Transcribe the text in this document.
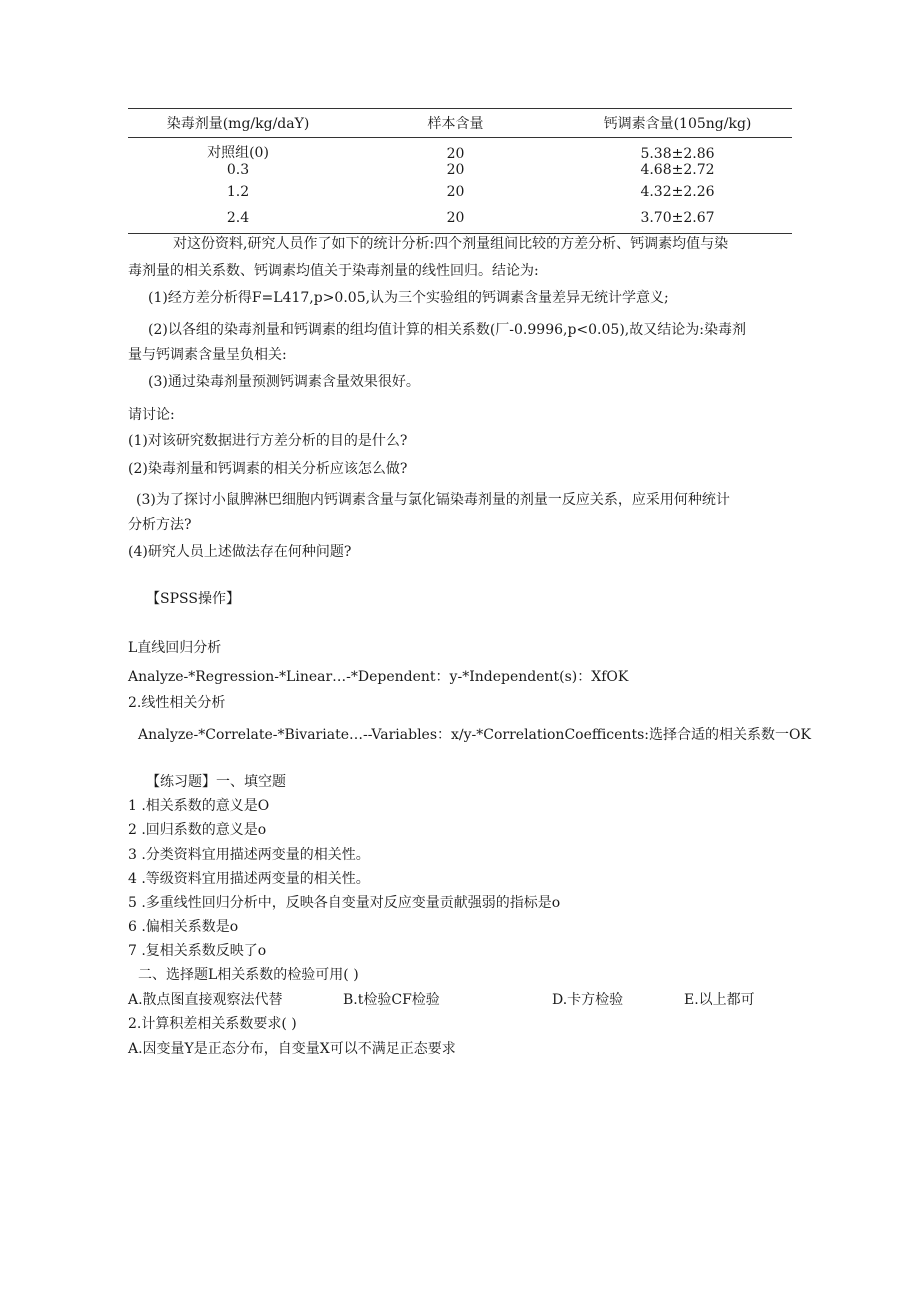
染毒剂量(mg/kg/daY)	样本含量	钙调素含量(105ng/kg)
对照组(0)	20	5.38±2.86
0.3	20	4.68±2.72
1.2	20	4.32±2.26
2.4	20	3.70±2.67
对这份资料,研究人员作了如下的统计分析:四个剂量组间比较的方差分析、钙调素均值与染
毒剂量的相关系数、钙调素均值关于染毒剂量的线性回归。结论为:
(1)经方差分析得F=L417,p>0.05,认为三个实验组的钙调素含量差异无统计学意义;
(2)以各组的染毒剂量和钙调素的组均值计算的相关系数(厂-0.9996,p<0.05),故又结论为:染毒剂
量与钙调素含量呈负相关:
(3)通过染毒剂量预测钙调素含量效果很好。
请讨论:
(1)对该研究数据进行方差分析的目的是什么?
(2)染毒剂量和钙调素的相关分析应该怎么做?
(3)为了探讨小鼠脾淋巴细胞内钙调素含量与氯化镉染毒剂量的剂量一反应关系，应采用何种统计
分析方法?
(4)研究人员上述做法存在何种问题?
【SPSS操作】
L直线回归分析
Analyze-*Regression-*Linear…-*Dependent：y-*Independent(s)：XfOK
2.线性相关分析
Analyze-*Correlate-*Bivariate…--Variables：x∕y-*CorrelationCoefficents:选择合适的相关系数一OK
【练习题】一、填空题
1 .相关系数的意义是O
2 .回归系数的意义是o
3 .分类资料宜用描述两变量的相关性。
4 .等级资料宜用描述两变量的相关性。
5 .多重线性回归分析中，反映各自变量对反应变量贡献强弱的指标是o
6 .偏相关系数是o
7 .复相关系数反映了o
二、选择题L相关系数的检验可用( )
A.散点图直接观察法代替	B.t检验CF检验	D.卡方检验	E.以上都可
2.计算积差相关系数要求( )
A.因变量Y是正态分布，自变量X可以不满足正态要求
